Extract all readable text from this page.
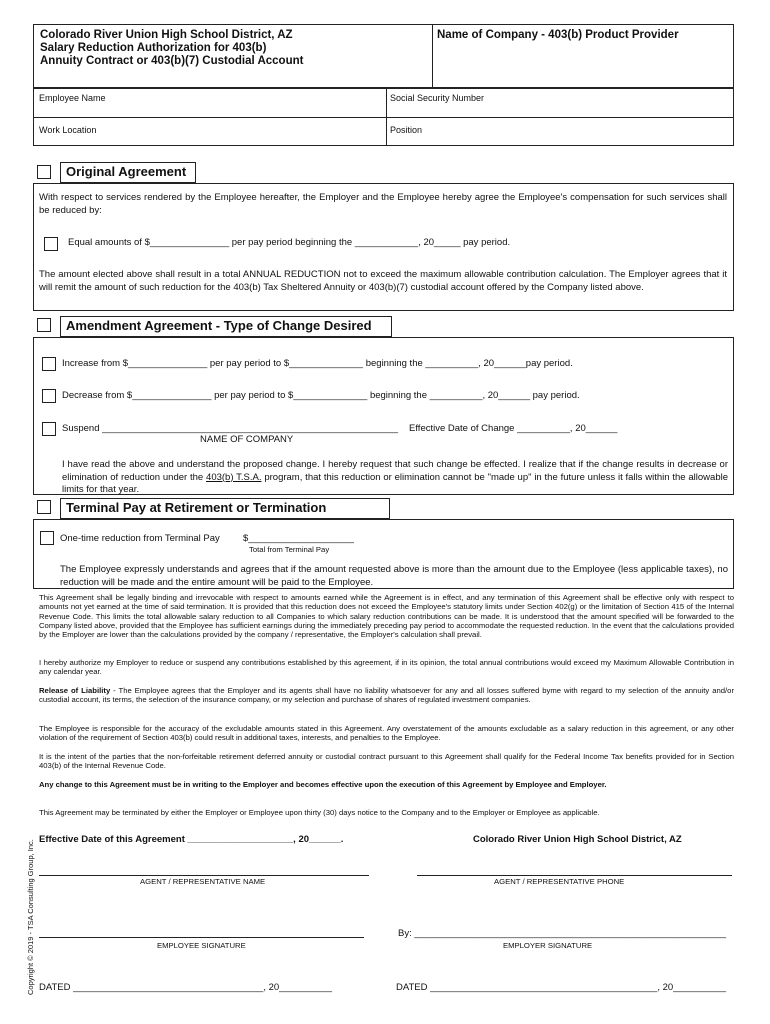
Colorado River Union High School District, AZ
Salary Reduction Authorization for 403(b)
Annuity Contract or 403(b)(7) Custodial Account
Name of Company - 403(b) Product Provider
Employee Name	Social Security Number
Work Location	Position
Original Agreement
With respect to services rendered by the Employee hereafter, the Employer and the Employee hereby agree the Employee's compensation for such services shall be reduced by:
Equal amounts of $_______________ per pay period beginning the ____________, 20_____ pay period.
The amount elected above shall result in a total ANNUAL REDUCTION not to exceed the maximum allowable contribution calculation. The Employer agrees that it will remit the amount of such reduction for the 403(b) Tax Sheltered Annuity or 403(b)(7) custodial account offered by the Company listed above.
Amendment Agreement - Type of Change Desired
Increase from $_______________ per pay period to $______________ beginning the __________, 20______pay period.
Decrease from $_______________ per pay period to $______________ beginning the __________, 20______ pay period.
Suspend ________________________________________________________	Effective Date of Change __________, 20______
NAME OF COMPANY
I have read the above and understand the proposed change. I hereby request that such change be effected. I realize that if the change results in decrease or elimination of reduction under the 403(b) T.S.A. program, that this reduction or elimination cannot be "made up" in the future unless it falls within the allowable limits for that year.
Terminal Pay at Retirement or Termination
One-time reduction from Terminal Pay $____________________
Total from Terminal Pay
The Employee expressly understands and agrees that if the amount requested above is more than the amount due to the Employee (less applicable taxes), no reduction will be made and the entire amount will be paid to the Employee.
This Agreement shall be legally binding and irrevocable with respect to amounts earned while the Agreement is in effect, and any termination of this Agreement shall be effective only with respect to amounts not yet earned at the time of said termination. It is provided that this reduction does not exceed the Employee's statutory limits under Section 402(g) or the limitation of Section 415 of the Internal Revenue Code. This limits the total allowable salary reduction to all Companies to which salary reduction contributions can be made. It is understood that the amount specified will be forwarded to the Company listed above, provided that the Employee has sufficient earnings during the immediately preceding pay period to accommodate the requested reduction. In the event that the calculations provided by the Employer are lower than the calculations provided by the company / representative, the Employer's calculation shall prevail.
I hereby authorize my Employer to reduce or suspend any contributions established by this agreement, if in its opinion, the total annual contributions would exceed my Maximum Allowable Contribution in any calendar year.
Release of Liability - The Employee agrees that the Employer and its agents shall have no liability whatsoever for any and all losses suffered byme with regard to my selection of the annuity and/or custodial account, its terms, the selection of the insurance company, or my selection and purchase of shares of regulated investment companies.
The Employee is responsible for the accuracy of the excludable amounts stated in this Agreement. Any overstatement of the amounts excludable as a salary reduction in this agreement, or any other violation of the requirement of Section 403(b) could result in additional taxes, interests, and penalties to the Employee.
It is the intent of the parties that the non-forfeitable retirement deferred annuity or custodial contract pursuant to this Agreement shall qualify for the Federal Income Tax benefits provided for in Section 403(b) of the Internal Revenue Code.
Any change to this Agreement must be in writing to the Employer and becomes effective upon the execution of this Agreement by Employee and Employer.
This Agreement may be terminated by either the Employer or Employee upon thirty (30) days notice to the Company and to the Employer or Employee as applicable.
Effective Date of this Agreement ____________________, 20______.	Colorado River Union High School District, AZ
AGENT / REPRESENTATIVE NAME	AGENT / REPRESENTATIVE PHONE
EMPLOYEE SIGNATURE
By: ___________________________________________________________
EMPLOYER SIGNATURE
DATED ____________________________________, 20__________	DATED ___________________________________________, 20__________
Copyright © 2019 - TSA Consulting Group, Inc.
